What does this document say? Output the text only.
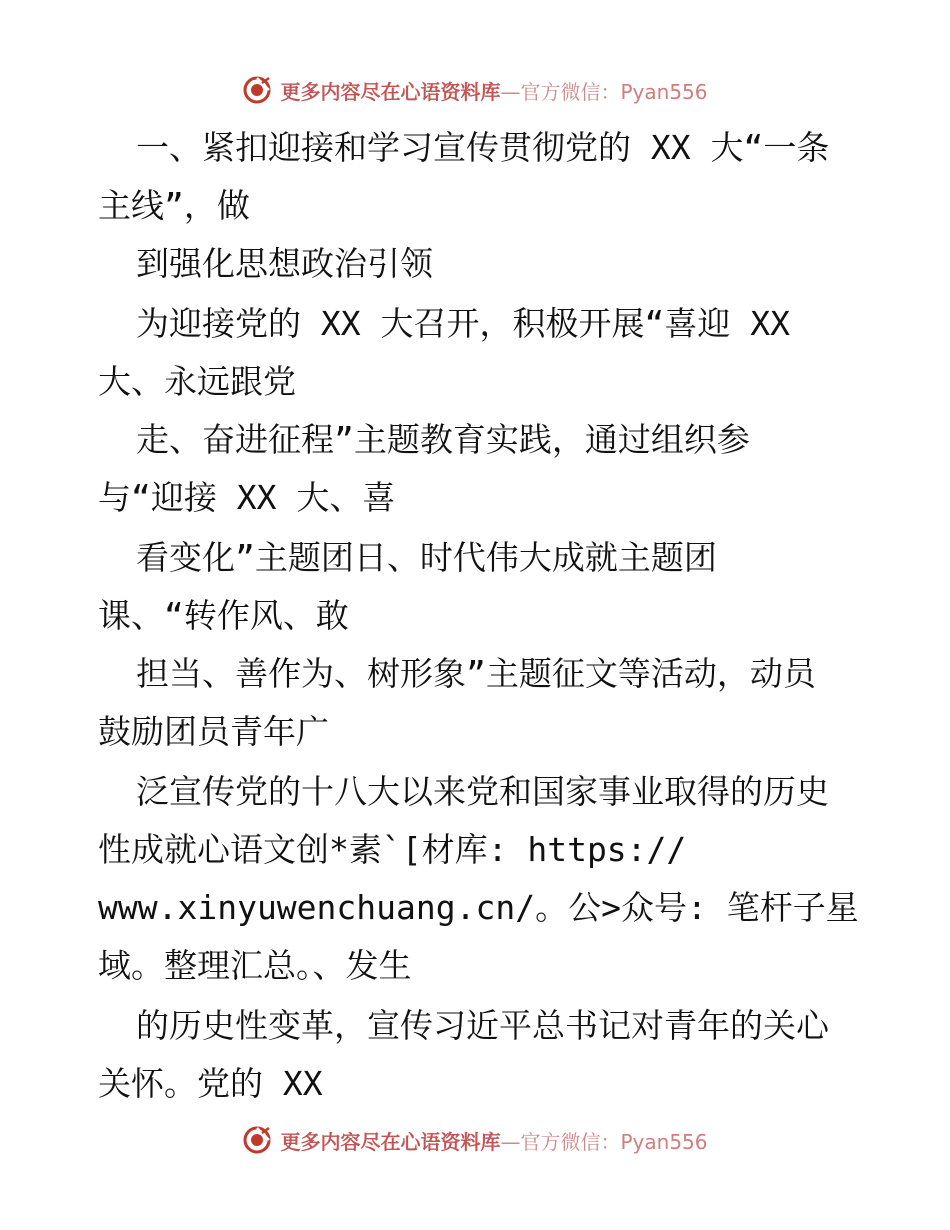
更多内容尽在心语资料库—官方微信：Pyan556
一、紧扣迎接和学习宣传贯彻党的 XX 大“一条
主线”，做
到强化思想政治引领
为迎接党的 XX 大召开，积极开展“喜迎 XX
大、永远跟党
走、奋进征程”主题教育实践，通过组织参
与“迎接 XX 大、喜
看变化”主题团日、时代伟大成就主题团
课、“转作风、敢
担当、善作为、树形象”主题征文等活动，动员
鼓励团员青年广
泛宣传党的十八大以来党和国家事业取得的历史
性成就心语文创*素`[材库: https://
www.xinyuwenchuang.cn/。公>众号: 笔杆子星
域。整理汇总。、发生
的历史性变革，宣传习近平总书记对青年的关心
关怀。党的 XX
更多内容尽在心语资料库—官方微信：Pyan556
